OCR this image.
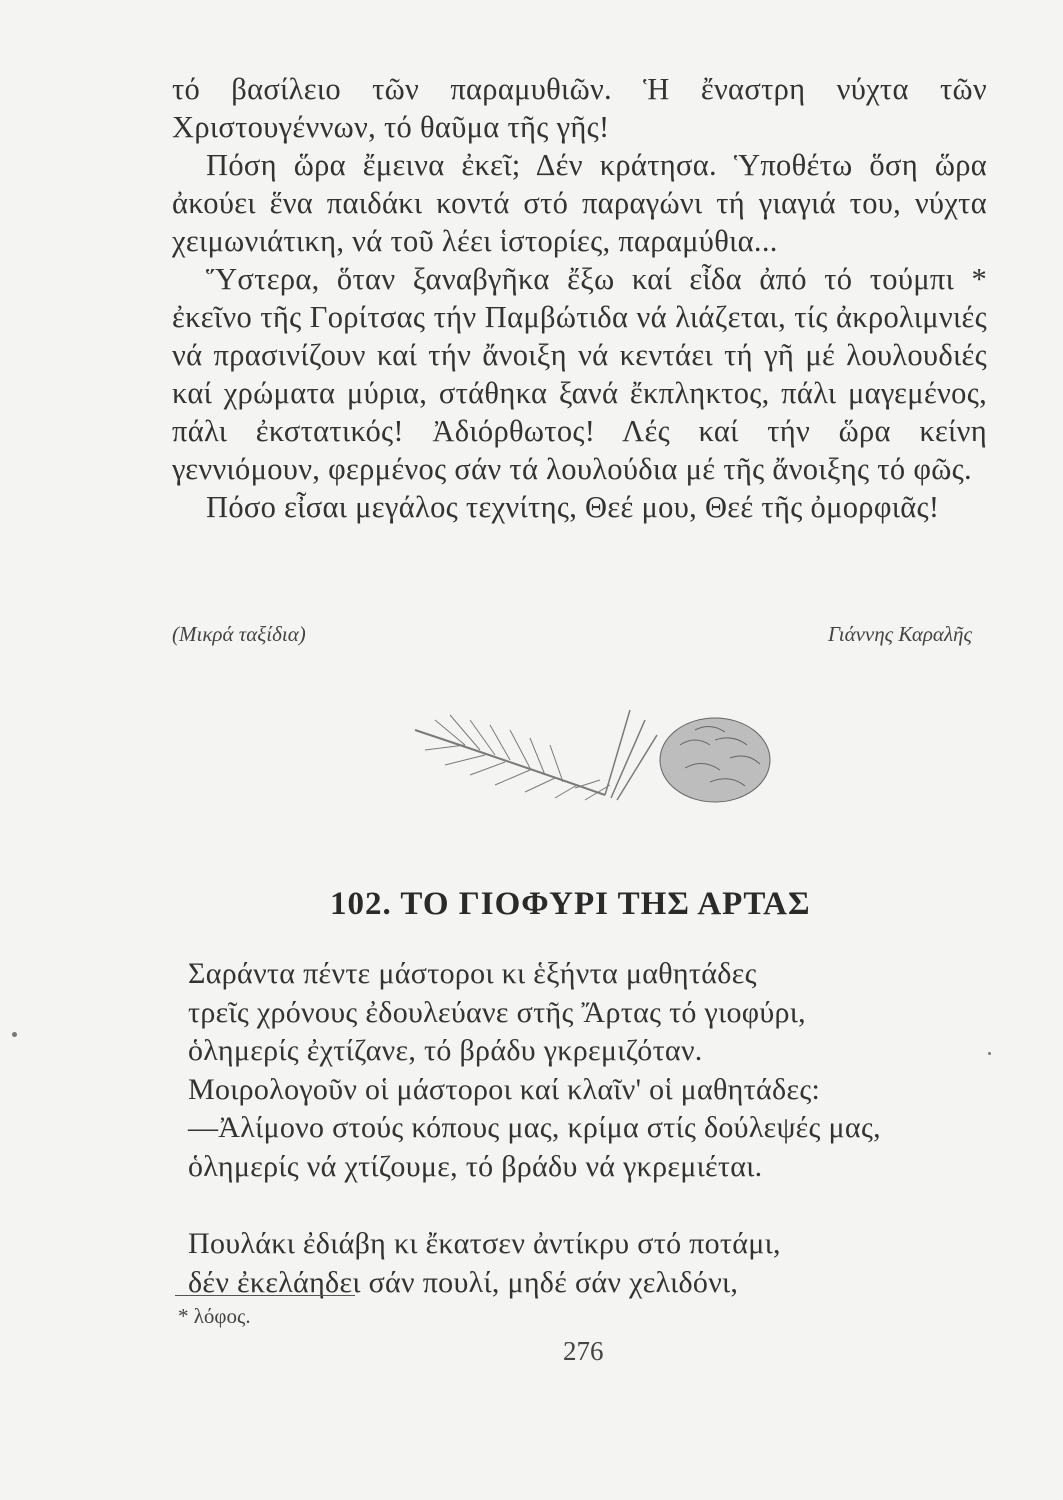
τό βασίλειο τῶν παραμυθιῶν. Ἡ ἔναστρη νύχτα τῶν Χριστουγέννων, τό θαῦμα τῆς γῆς!

Πόση ὥρα ἔμεινα ἐκεῖ; Δέν κράτησα. Ὑποθέτω ὅση ὥρα ἀκούει ἕνα παιδάκι κοντά στό παραγώνι τή γιαγιά του, νύχτα χειμωνιάτικη, νά τοῦ λέει ἱστορίες, παραμύθια...

Ὕστερα, ὅταν ξαναβγῆκα ἔξω καί εἶδα ἀπό τό τούμπι * ἐκεῖνο τῆς Γορίτσας τήν Παμβώτιδα νά λιάζεται, τίς ἀκρολιμνιές νά πρασινίζουν καί τήν ἄνοιξη νά κεντάει τή γῆ μέ λουλουδιές καί χρώματα μύρια, στάθηκα ξανά ἔκπληκτος, πάλι μαγεμένος, πάλι ἐκστατικός! Ἀδιόρθωτος! Λές καί τήν ὥρα κείνη γεννιόμουν, φερμένος σάν τά λουλούδια μέ τῆς ἄνοιξης τό φῶς.

Πόσο εἶσαι μεγάλος τεχνίτης, Θεέ μου, Θεέ τῆς ὀμορφιᾶς!

(Μικρά ταξίδια)	Γιάννης Καραλῆς
102. ΤΟ ΓΙΟΦΥΡΙ ΤΗΣ ΑΡΤΑΣ
Σαράντα πέντε μάστοροι κι ἑξήντα μαθητάδες
τρεῖς χρόνους ἐδουλεύανε στῆς Ἄρτας τό γιοφύρι,
ὁλημερίς ἐχτίζανε, τό βράδυ γκρεμιζόταν.
Μοιρολογοῦν οἱ μάστοροι καί κλαῖν' οἱ μαθητάδες:
—Ἀλίμονο στούς κόπους μας, κρίμα στίς δούλεψές μας,
ὁλημερίς νά χτίζουμε, τό βράδυ νά γκρεμιέται.
Πουλάκι ἐδιάβη κι ἔκατσεν ἀντίκρυ στό ποτάμι,
δέν ἐκελάηδει σάν πουλί, μηδέ σάν χελιδόνι,
* λόφος.
276
